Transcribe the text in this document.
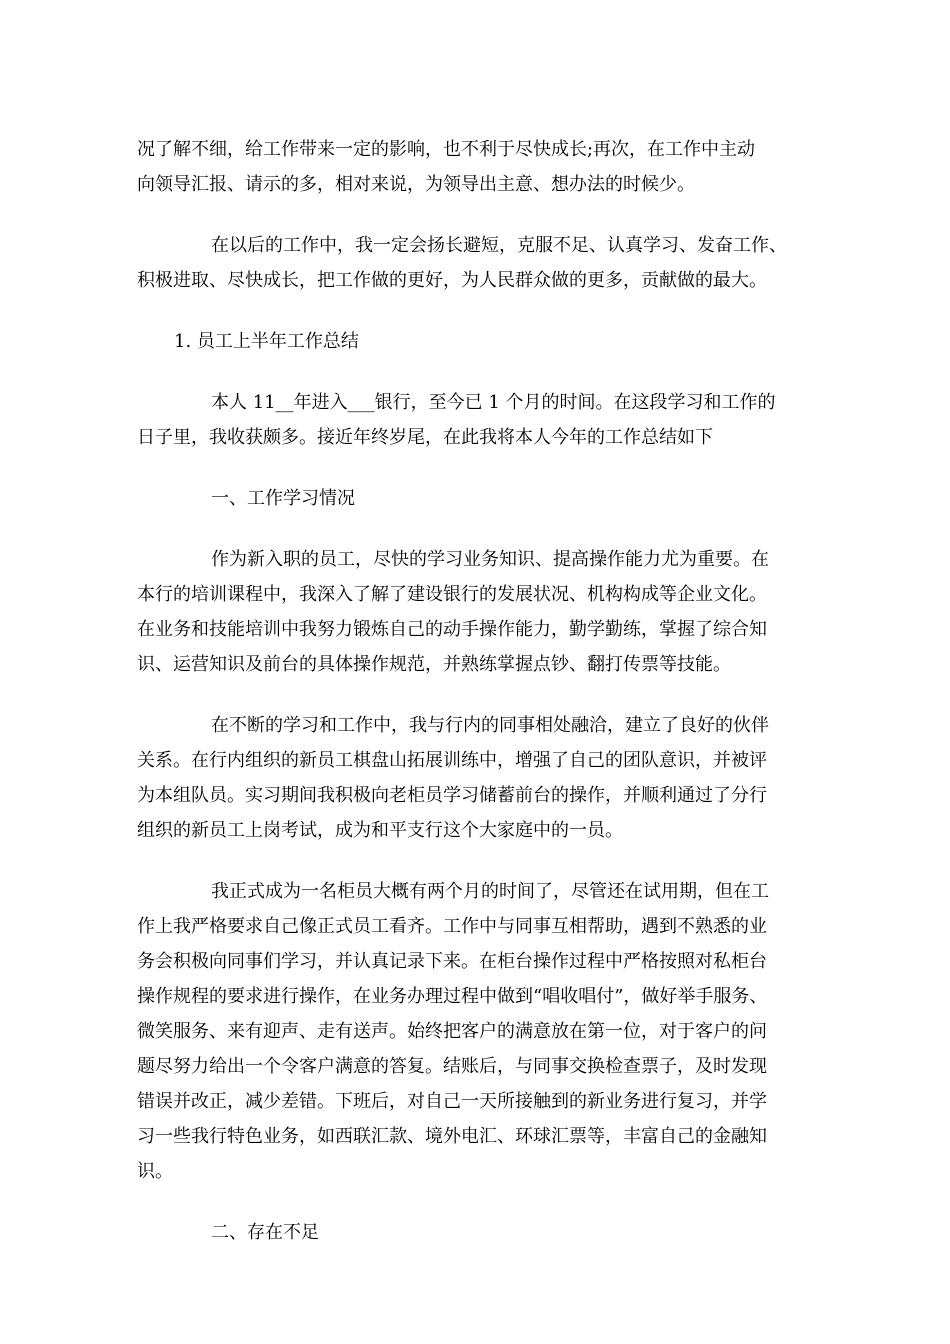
况了解不细，给工作带来一定的影响，也不利于尽快成长;再次，在工作中主动
向领导汇报、请示的多，相对来说，为领导出主意、想办法的时候少。

在以后的工作中，我一定会扬长避短，克服不足、认真学习、发奋工作、
积极进取、尽快成长，把工作做的更好，为人民群众做的更多，贡献做的最大。

1. 员工上半年工作总结

本人 11__年进入___银行，至今已 1 个月的时间。在这段学习和工作的
日子里，我收获颇多。接近年终岁尾，在此我将本人今年的工作总结如下

一、工作学习情况

作为新入职的员工，尽快的学习业务知识、提高操作能力尤为重要。在
本行的培训课程中，我深入了解了建设银行的发展状况、机构构成等企业文化。
在业务和技能培训中我努力锻炼自己的动手操作能力，勤学勤练，掌握了综合知
识、运营知识及前台的具体操作规范，并熟练掌握点钞、翻打传票等技能。

在不断的学习和工作中，我与行内的同事相处融洽，建立了良好的伙伴
关系。在行内组织的新员工棋盘山拓展训练中，增强了自己的团队意识，并被评
为本组队员。实习期间我积极向老柜员学习储蓄前台的操作，并顺利通过了分行
组织的新员工上岗考试，成为和平支行这个大家庭中的一员。

我正式成为一名柜员大概有两个月的时间了，尽管还在试用期，但在工
作上我严格要求自己像正式员工看齐。工作中与同事互相帮助，遇到不熟悉的业
务会积极向同事们学习，并认真记录下来。在柜台操作过程中严格按照对私柜台
操作规程的要求进行操作，在业务办理过程中做到“唱收唱付”，做好举手服务、
微笑服务、来有迎声、走有送声。始终把客户的满意放在第一位，对于客户的问
题尽努力给出一个令客户满意的答复。结账后，与同事交换检查票子，及时发现
错误并改正，减少差错。下班后，对自己一天所接触到的新业务进行复习，并学
习一些我行特色业务，如西联汇款、境外电汇、环球汇票等，丰富自己的金融知
识。

二、存在不足
